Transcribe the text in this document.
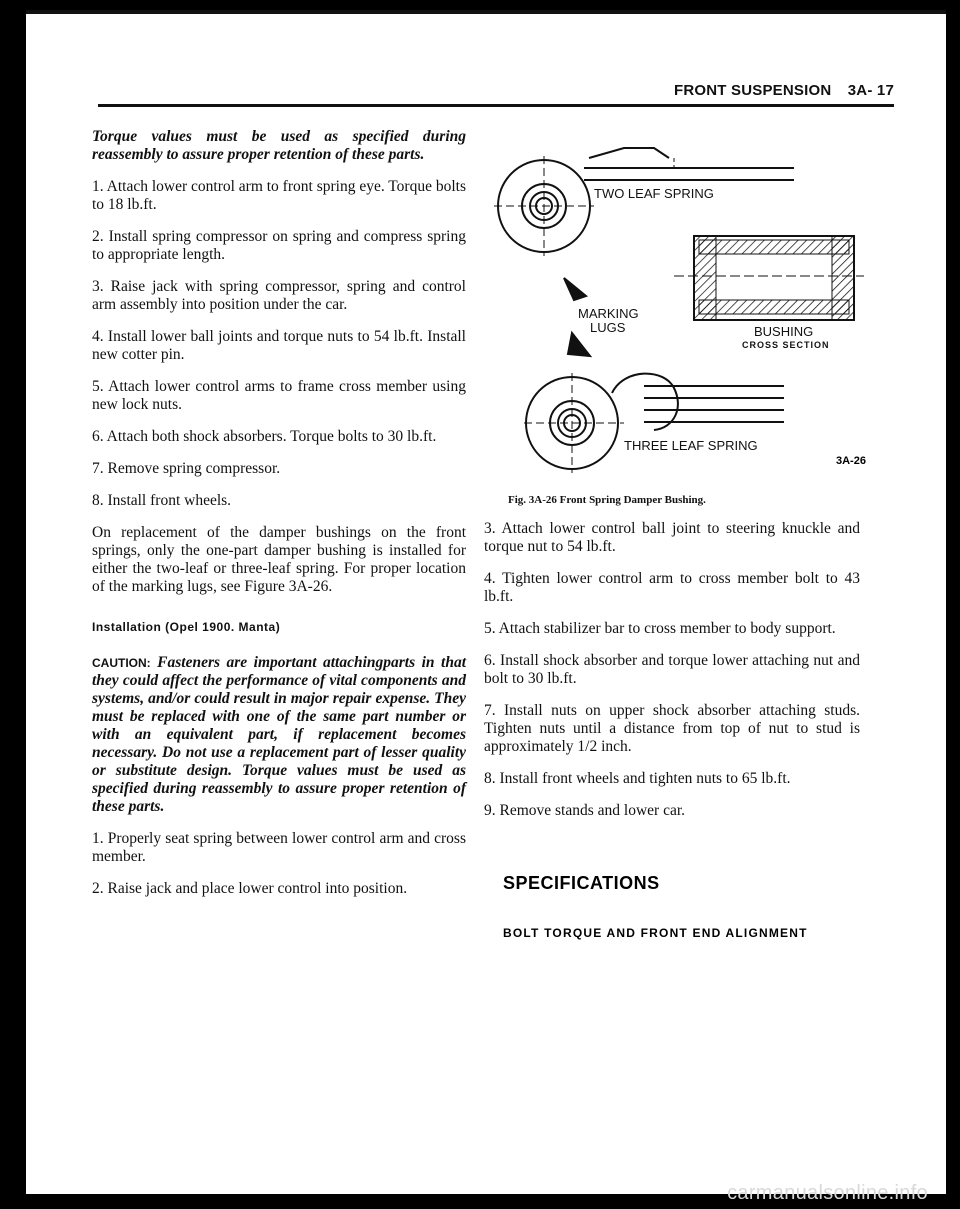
FRONT SUSPENSION 3A- 17

Torque values must be used as specified during reassembly to assure proper retention of these parts.

1. Attach lower control arm to front spring eye. Torque bolts to 18 lb.ft.

2. Install spring compressor on spring and compress spring to appropriate length.

3. Raise jack with spring compressor, spring and control arm assembly into position under the car.

4. Install lower ball joints and torque nuts to 54 lb.ft. Install new cotter pin.

5. Attach lower control arms to frame cross member using new lock nuts.

6. Attach both shock absorbers. Torque bolts to 30 lb.ft.

7. Remove spring compressor.

8. Install front wheels.

On replacement of the damper bushings on the front springs, only the one-part damper bushing is installed for either the two-leaf or three-leaf spring. For proper location of the marking lugs, see Figure 3A-26.

Installation (Opel 1900. Manta)

CAUTION: Fasteners are important attachingparts in that they could affect the performance of vital components and systems, and/or could result in major repair expense. They must be replaced with one of the same part number or with an equivalent part, if replacement becomes necessary. Do not use a replacement part of lesser quality or substitute design. Torque values must be used as specified during reassembly to assure proper retention of these parts.

1. Properly seat spring between lower control arm and cross member.

2. Raise jack and place lower control into position.

TWO LEAF SPRING
MARKING
LUGS	BUSHING
CROSS SECTION
THREE LEAF SPRING
3A-26
Fig. 3A-26 Front Spring Damper Bushing.

3. Attach lower control ball joint to steering knuckle and torque nut to 54 lb.ft.

4. Tighten lower control arm to cross member bolt to 43 lb.ft.

5. Attach stabilizer bar to cross member to body support.

6. Install shock absorber and torque lower attaching nut and bolt to 30 lb.ft.

7. Install nuts on upper shock absorber attaching studs. Tighten nuts until a distance from top of nut to stud is approximately 1/2 inch.

8. Install front wheels and tighten nuts to 65 lb.ft.

9. Remove stands and lower car.

SPECIFICATIONS
BOLT TORQUE AND FRONT END ALIGNMENT
carmanualsonline.info
